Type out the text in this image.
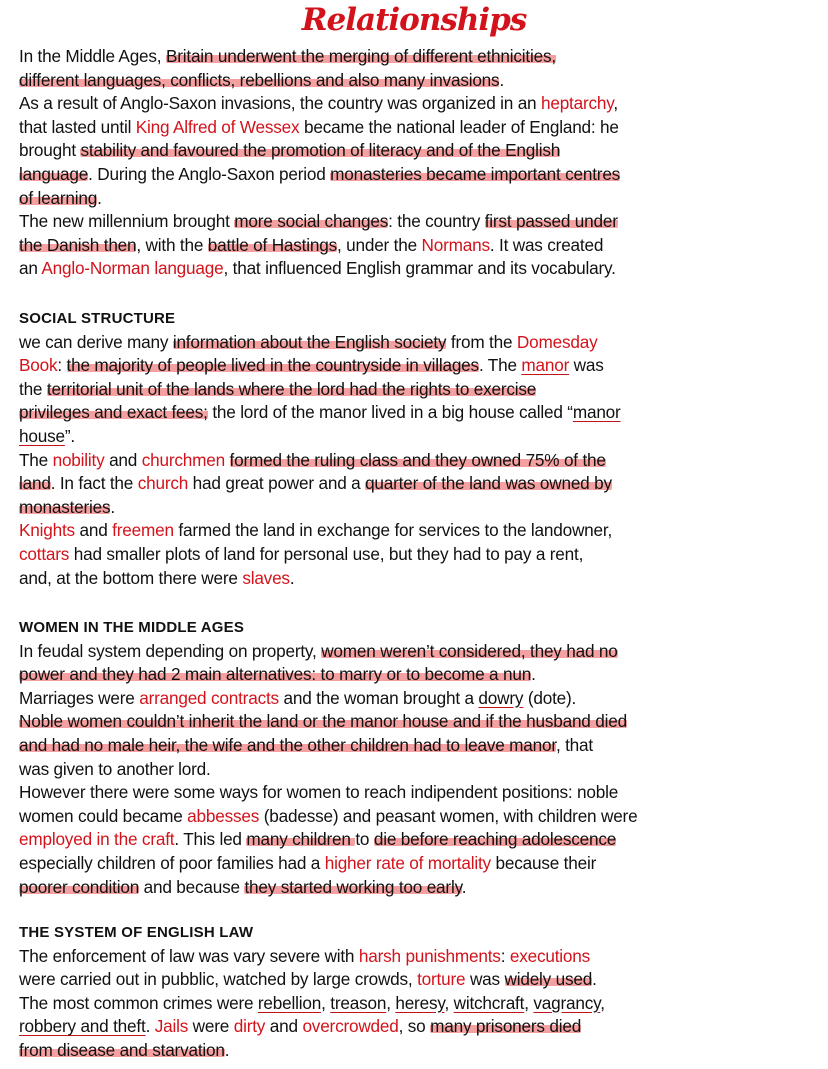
Relationships
In the Middle Ages, Britain underwent the merging of different ethnicities,
different languages, conflicts, rebellions and also many invasions.
As a result of Anglo-Saxon invasions, the country was organized in an heptarchy,
that lasted until King Alfred of Wessex became the national leader of England: he
brought stability and favoured the promotion of literacy and of the English
language. During the Anglo-Saxon period monasteries became important centres
of learning.
The new millennium brought more social changes: the country first passed under
the Danish then, with the battle of Hastings, under the Normans. It was created
an Anglo-Norman language, that influenced English grammar and its vocabulary.
SOCIAL STRUCTURE
we can derive many information about the English society from the Domesday
Book: the majority of people lived in the countryside in villages. The manor was
the territorial unit of the lands where the lord had the rights to exercise
privileges and exact fees; the lord of the manor lived in a big house called “manor
house”.
The nobility and churchmen formed the ruling class and they owned 75% of the
land. In fact the church had great power and a quarter of the land was owned by
monasteries.
Knights and freemen farmed the land in exchange for services to the landowner,
cottars had smaller plots of land for personal use, but they had to pay a rent,
and, at the bottom there were slaves.
WOMEN IN THE MIDDLE AGES
In feudal system depending on property, women weren’t considered, they had no
power and they had 2 main alternatives: to marry or to become a nun.
Marriages were arranged contracts and the woman brought a dowry (dote).
Noble women couldn’t inherit the land or the manor house and if the husband died
and had no male heir, the wife and the other children had to leave manor, that
was given to another lord.
However there were some ways for women to reach indipendent positions: noble
women could became abbesses (badesse) and peasant women, with children were
employed in the craft. This led many children to die before reaching adolescence
especially children of poor families had a higher rate of mortality because their
poorer condition and because they started working too early.
THE SYSTEM OF ENGLISH LAW
The enforcement of law was vary severe with harsh punishments: executions
were carried out in pubblic, watched by large crowds, torture was widely used.
The most common crimes were rebellion, treason, heresy, witchcraft, vagrancy,
robbery and theft. Jails were dirty and overcrowded, so many prisoners died
from disease and starvation.
